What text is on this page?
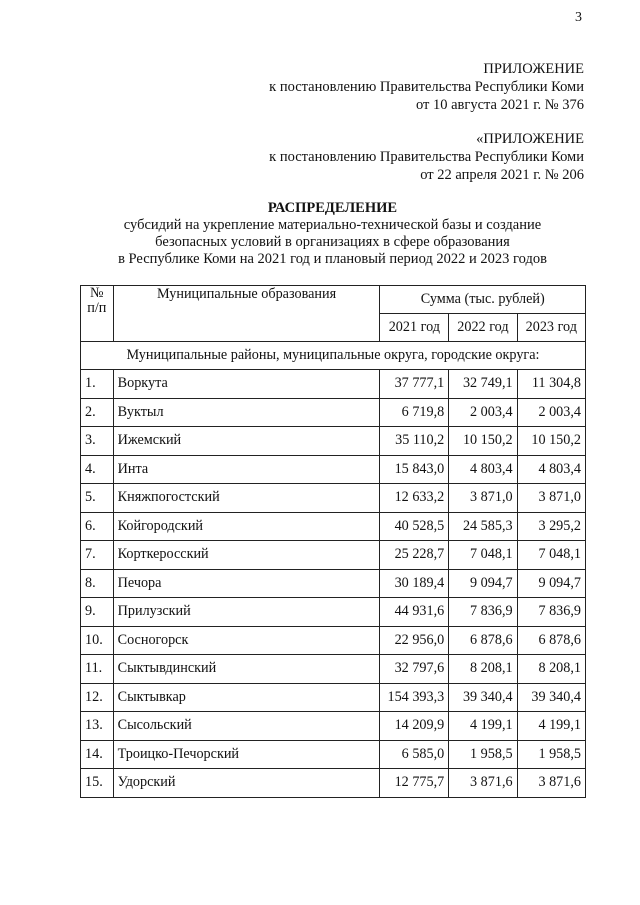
3
ПРИЛОЖЕНИЕ
к постановлению Правительства Республики Коми
от 10 августа 2021 г. № 376
«ПРИЛОЖЕНИЕ
к постановлению Правительства Республики Коми
от 22 апреля 2021 г. № 206
РАСПРЕДЕЛЕНИЕ
субсидий на укрепление материально-технической базы и создание
безопасных условий в организациях в сфере образования
в Республике Коми на 2021 год и плановый период 2022 и 2023 годов
№
п/п	Муниципальные образования	Сумма (тыс. рублей)		
		2021 год	2022 год	2023 год
Муниципальные районы, муниципальные округа, городские округа:				
1.	Воркута	37 777,1	32 749,1	11 304,8
2.	Вуктыл	6 719,8	2 003,4	2 003,4
3.	Ижемский	35 110,2	10 150,2	10 150,2
4.	Инта	15 843,0	4 803,4	4 803,4
5.	Княжпогостский	12 633,2	3 871,0	3 871,0
6.	Койгородский	40 528,5	24 585,3	3 295,2
7.	Корткеросский	25 228,7	7 048,1	7 048,1
8.	Печора	30 189,4	9 094,7	9 094,7
9.	Прилузский	44 931,6	7 836,9	7 836,9
10.	Сосногорск	22 956,0	6 878,6	6 878,6
11.	Сыктывдинский	32 797,6	8 208,1	8 208,1
12.	Сыктывкар	154 393,3	39 340,4	39 340,4
13.	Сысольский	14 209,9	4 199,1	4 199,1
14.	Троицко-Печорский	6 585,0	1 958,5	1 958,5
15.	Удорский	12 775,7	3 871,6	3 871,6
